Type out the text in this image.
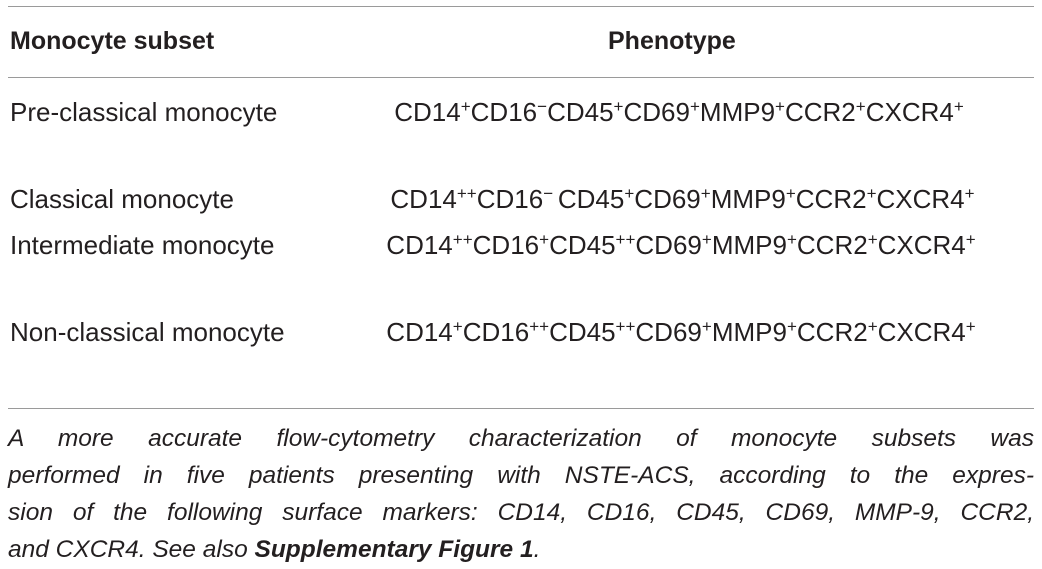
Monocyte subset	Phenotype
Pre-classical monocyte	CD14+CD16−CD45+CD69+MMP9+CCR2+CXCR4+
Classical monocyte	CD14++CD16− CD45+CD69+MMP9+CCR2+CXCR4+
Intermediate monocyte	CD14++CD16+CD45++CD69+MMP9+CCR2+CXCR4+
Non-classical monocyte	CD14+CD16++CD45++CD69+MMP9+CCR2+CXCR4+
A more accurate flow-cytometry characterization of monocyte subsets was
performed in five patients presenting with NSTE-ACS, according to the expres-
sion of the following surface markers: CD14, CD16, CD45, CD69, MMP-9, CCR2,
and CXCR4. See also Supplementary Figure 1.
